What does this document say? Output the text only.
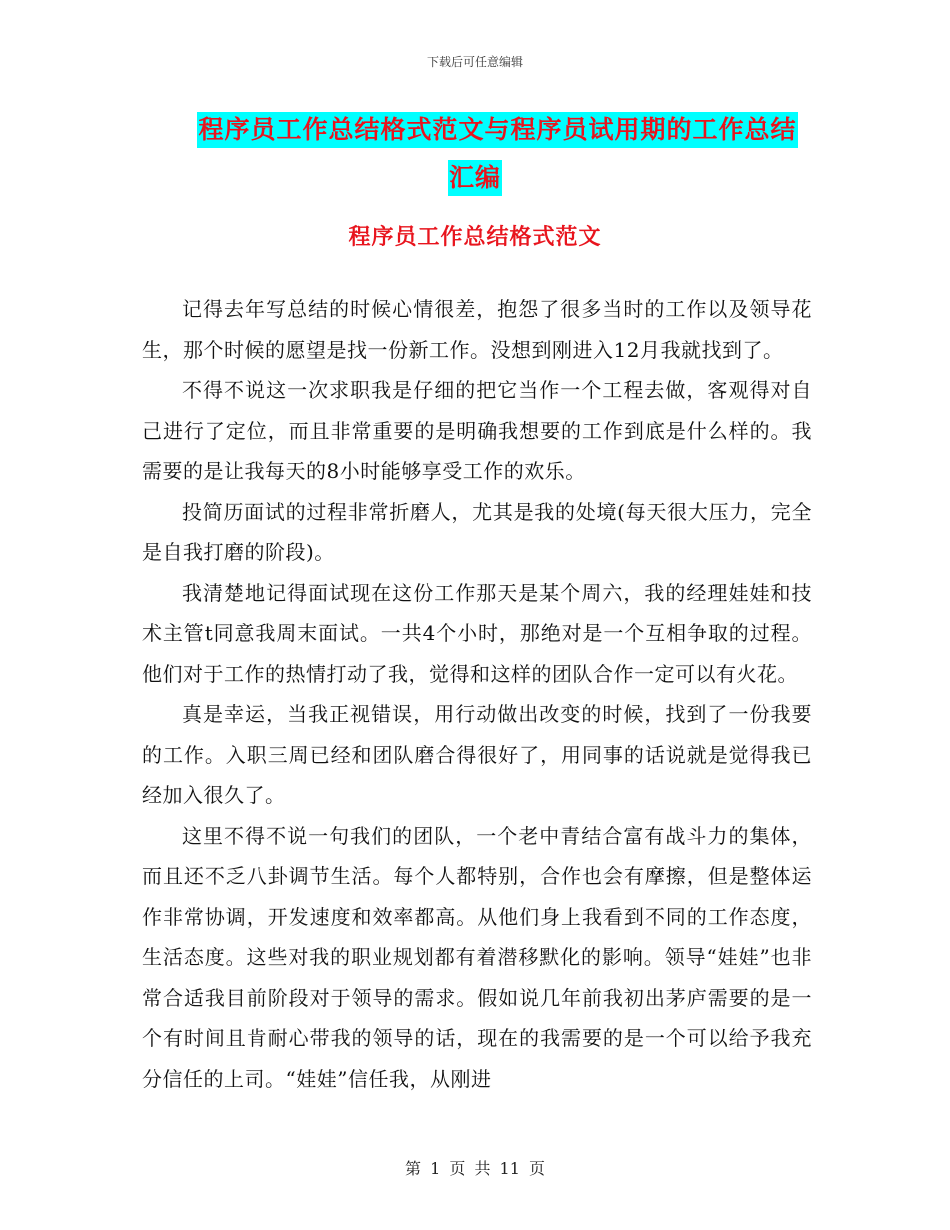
下载后可任意编辑
程序员工作总结格式范文与程序员试用期的工作总结
汇编
程序员工作总结格式范文

记得去年写总结的时候心情很差，抱怨了很多当时的工作以及领导花生，那个时候的愿望是找一份新工作。没想到刚进入12月我就找到了。

不得不说这一次求职我是仔细的把它当作一个工程去做，客观得对自己进行了定位，而且非常重要的是明确我想要的工作到底是什么样的。我需要的是让我每天的8小时能够享受工作的欢乐。

投简历面试的过程非常折磨人，尤其是我的处境(每天很大压力，完全是自我打磨的阶段)。

我清楚地记得面试现在这份工作那天是某个周六，我的经理娃娃和技术主管t同意我周末面试。一共4个小时，那绝对是一个互相争取的过程。他们对于工作的热情打动了我，觉得和这样的团队合作一定可以有火花。

真是幸运，当我正视错误，用行动做出改变的时候，找到了一份我要的工作。入职三周已经和团队磨合得很好了，用同事的话说就是觉得我已经加入很久了。

这里不得不说一句我们的团队，一个老中青结合富有战斗力的集体，而且还不乏八卦调节生活。每个人都特别，合作也会有摩擦，但是整体运作非常协调，开发速度和效率都高。从他们身上我看到不同的工作态度，生活态度。这些对我的职业规划都有着潜移默化的影响。领导“娃娃”也非常合适我目前阶段对于领导的需求。假如说几年前我初出茅庐需要的是一个有时间且肯耐心带我的领导的话，现在的我需要的是一个可以给予我充分信任的上司。“娃娃”信任我，从刚进

第 1 页 共 11 页
